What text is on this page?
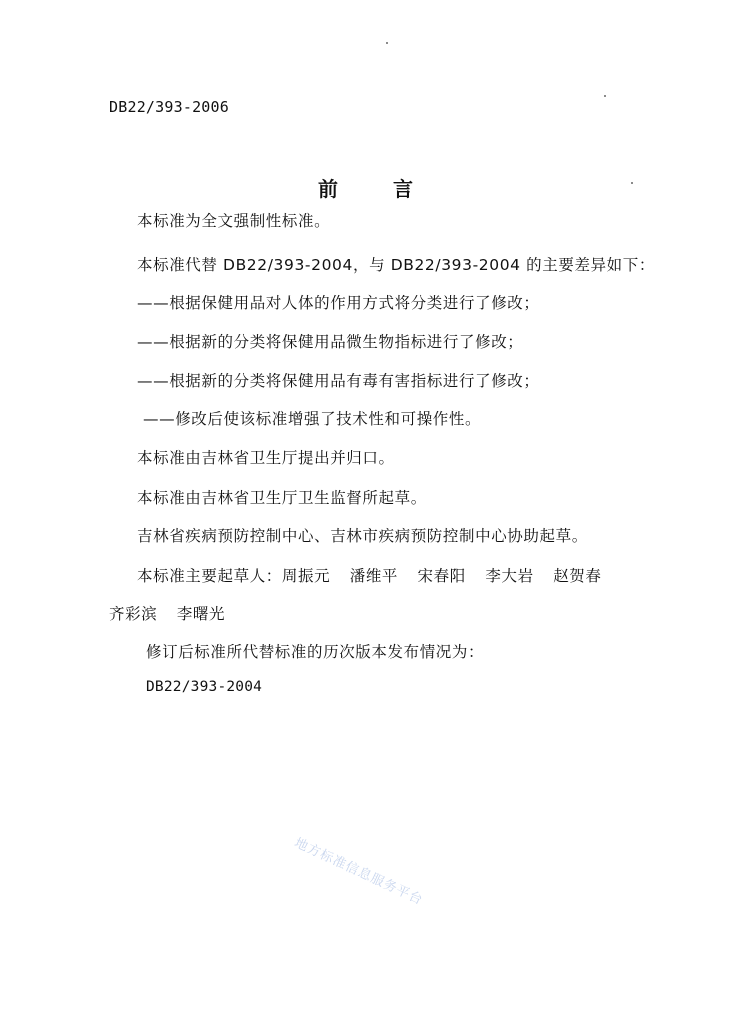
DB22/393-2006
前 言
本标准为全文强制性标准。
本标准代替 DB22/393-2004，与 DB22/393-2004 的主要差异如下：
——根据保健用品对人体的作用方式将分类进行了修改；
——根据新的分类将保健用品微生物指标进行了修改；
——根据新的分类将保健用品有毒有害指标进行了修改；
——修改后使该标准增强了技术性和可操作性。
本标准由吉林省卫生厅提出并归口。
本标准由吉林省卫生厅卫生监督所起草。
吉林省疾病预防控制中心、吉林市疾病预防控制中心协助起草。
本标准主要起草人：周振元 潘维平 宋春阳 李大岩 赵贺春
齐彩滨 李曙光
修订后标准所代替标准的历次版本发布情况为：
DB22/393-2004
地方标准信息服务平台
